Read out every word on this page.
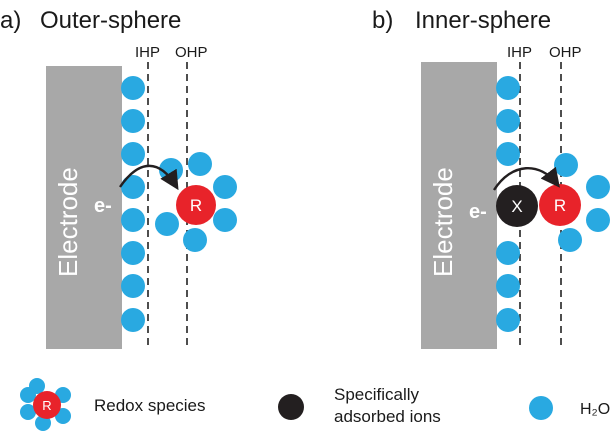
a) Outer-sphere
Electrode
IHP OHP
R
e-
b) Inner-sphere
Electrode
IHP OHP
X R
e-
R Redox species
Specifically
adsorbed ions	H₂O
